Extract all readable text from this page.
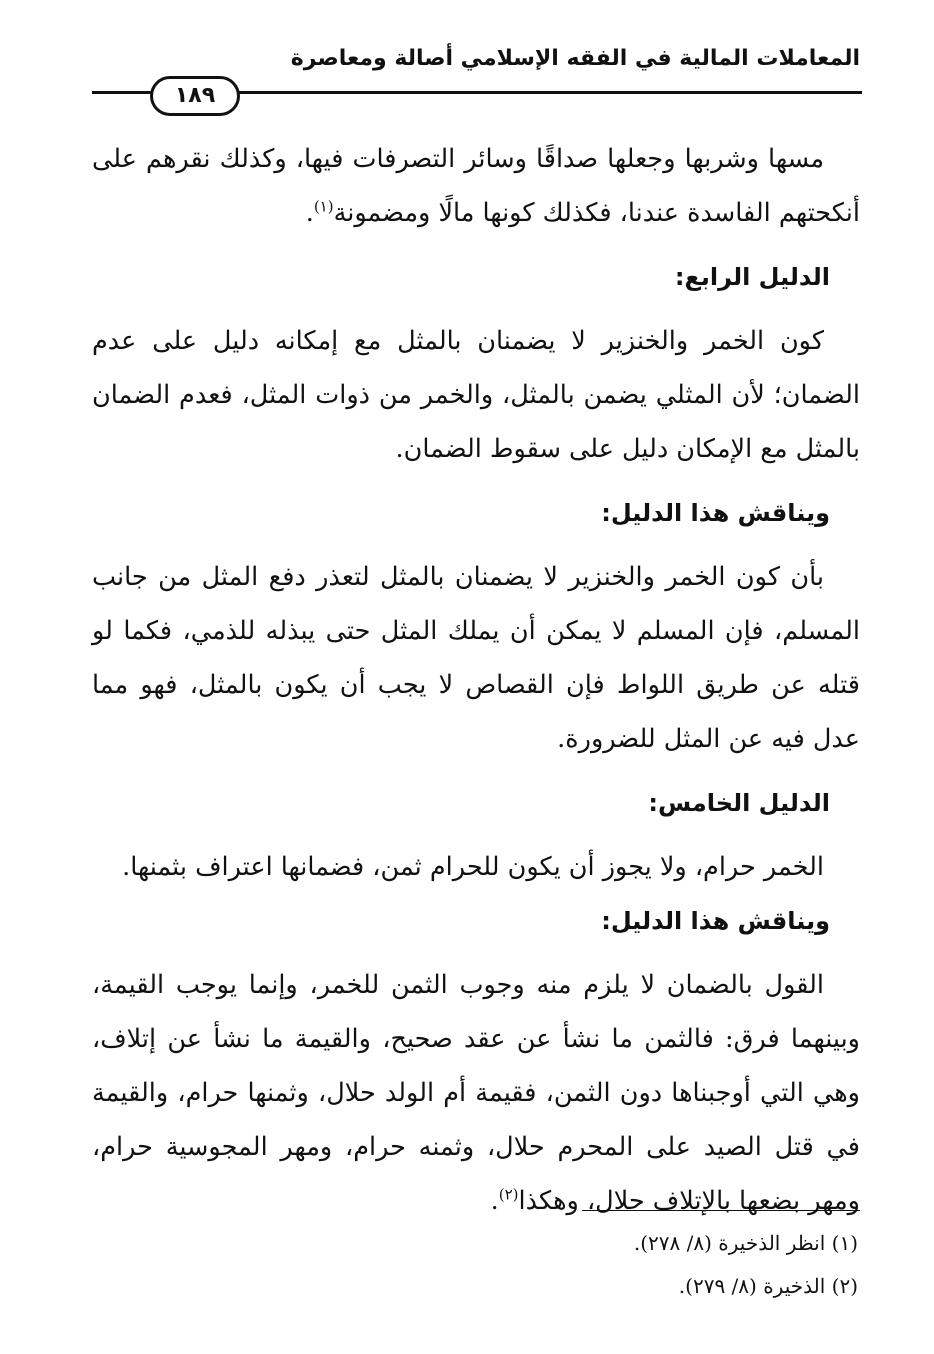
المعاملات المالية في الفقه الإسلامي أصالة ومعاصرة
١٨٩

مسها وشربها وجعلها صداقًا وسائر التصرفات فيها، وكذلك نقرهم على أنكحتهم الفاسدة عندنا، فكذلك كونها مالًا ومضمونة$^{(١)}$.

الدليل الرابع:

كون الخمر والخنزير لا يضمنان بالمثل مع إمكانه دليل على عدم الضمان؛ لأن المثلي يضمن بالمثل، والخمر من ذوات المثل، فعدم الضمان بالمثل مع الإمكان دليل على سقوط الضمان.

ويناقش هذا الدليل:

بأن كون الخمر والخنزير لا يضمنان بالمثل لتعذر دفع المثل من جانب المسلم، فإن المسلم لا يمكن أن يملك المثل حتى يبذله للذمي، فكما لو قتله عن طريق اللواط فإن القصاص لا يجب أن يكون بالمثل، فهو مما عدل فيه عن المثل للضرورة.

الدليل الخامس:

الخمر حرام، ولا يجوز أن يكون للحرام ثمن، فضمانها اعتراف بثمنها.

ويناقش هذا الدليل:

القول بالضمان لا يلزم منه وجوب الثمن للخمر، وإنما يوجب القيمة، وبينهما فرق: فالثمن ما نشأ عن عقد صحيح، والقيمة ما نشأ عن إتلاف، وهي التي أوجبناها دون الثمن، فقيمة أم الولد حلال، وثمنها حرام، والقيمة في قتل الصيد على المحرم حلال، وثمنه حرام، ومهر المجوسية حرام، ومهر بضعها بالإتلاف حلال، وهكذا$^{(٢)}$.

(١) انظر الذخيرة (٨/ ٢٧٨).

(٢) الذخيرة (٨/ ٢٧٩).
